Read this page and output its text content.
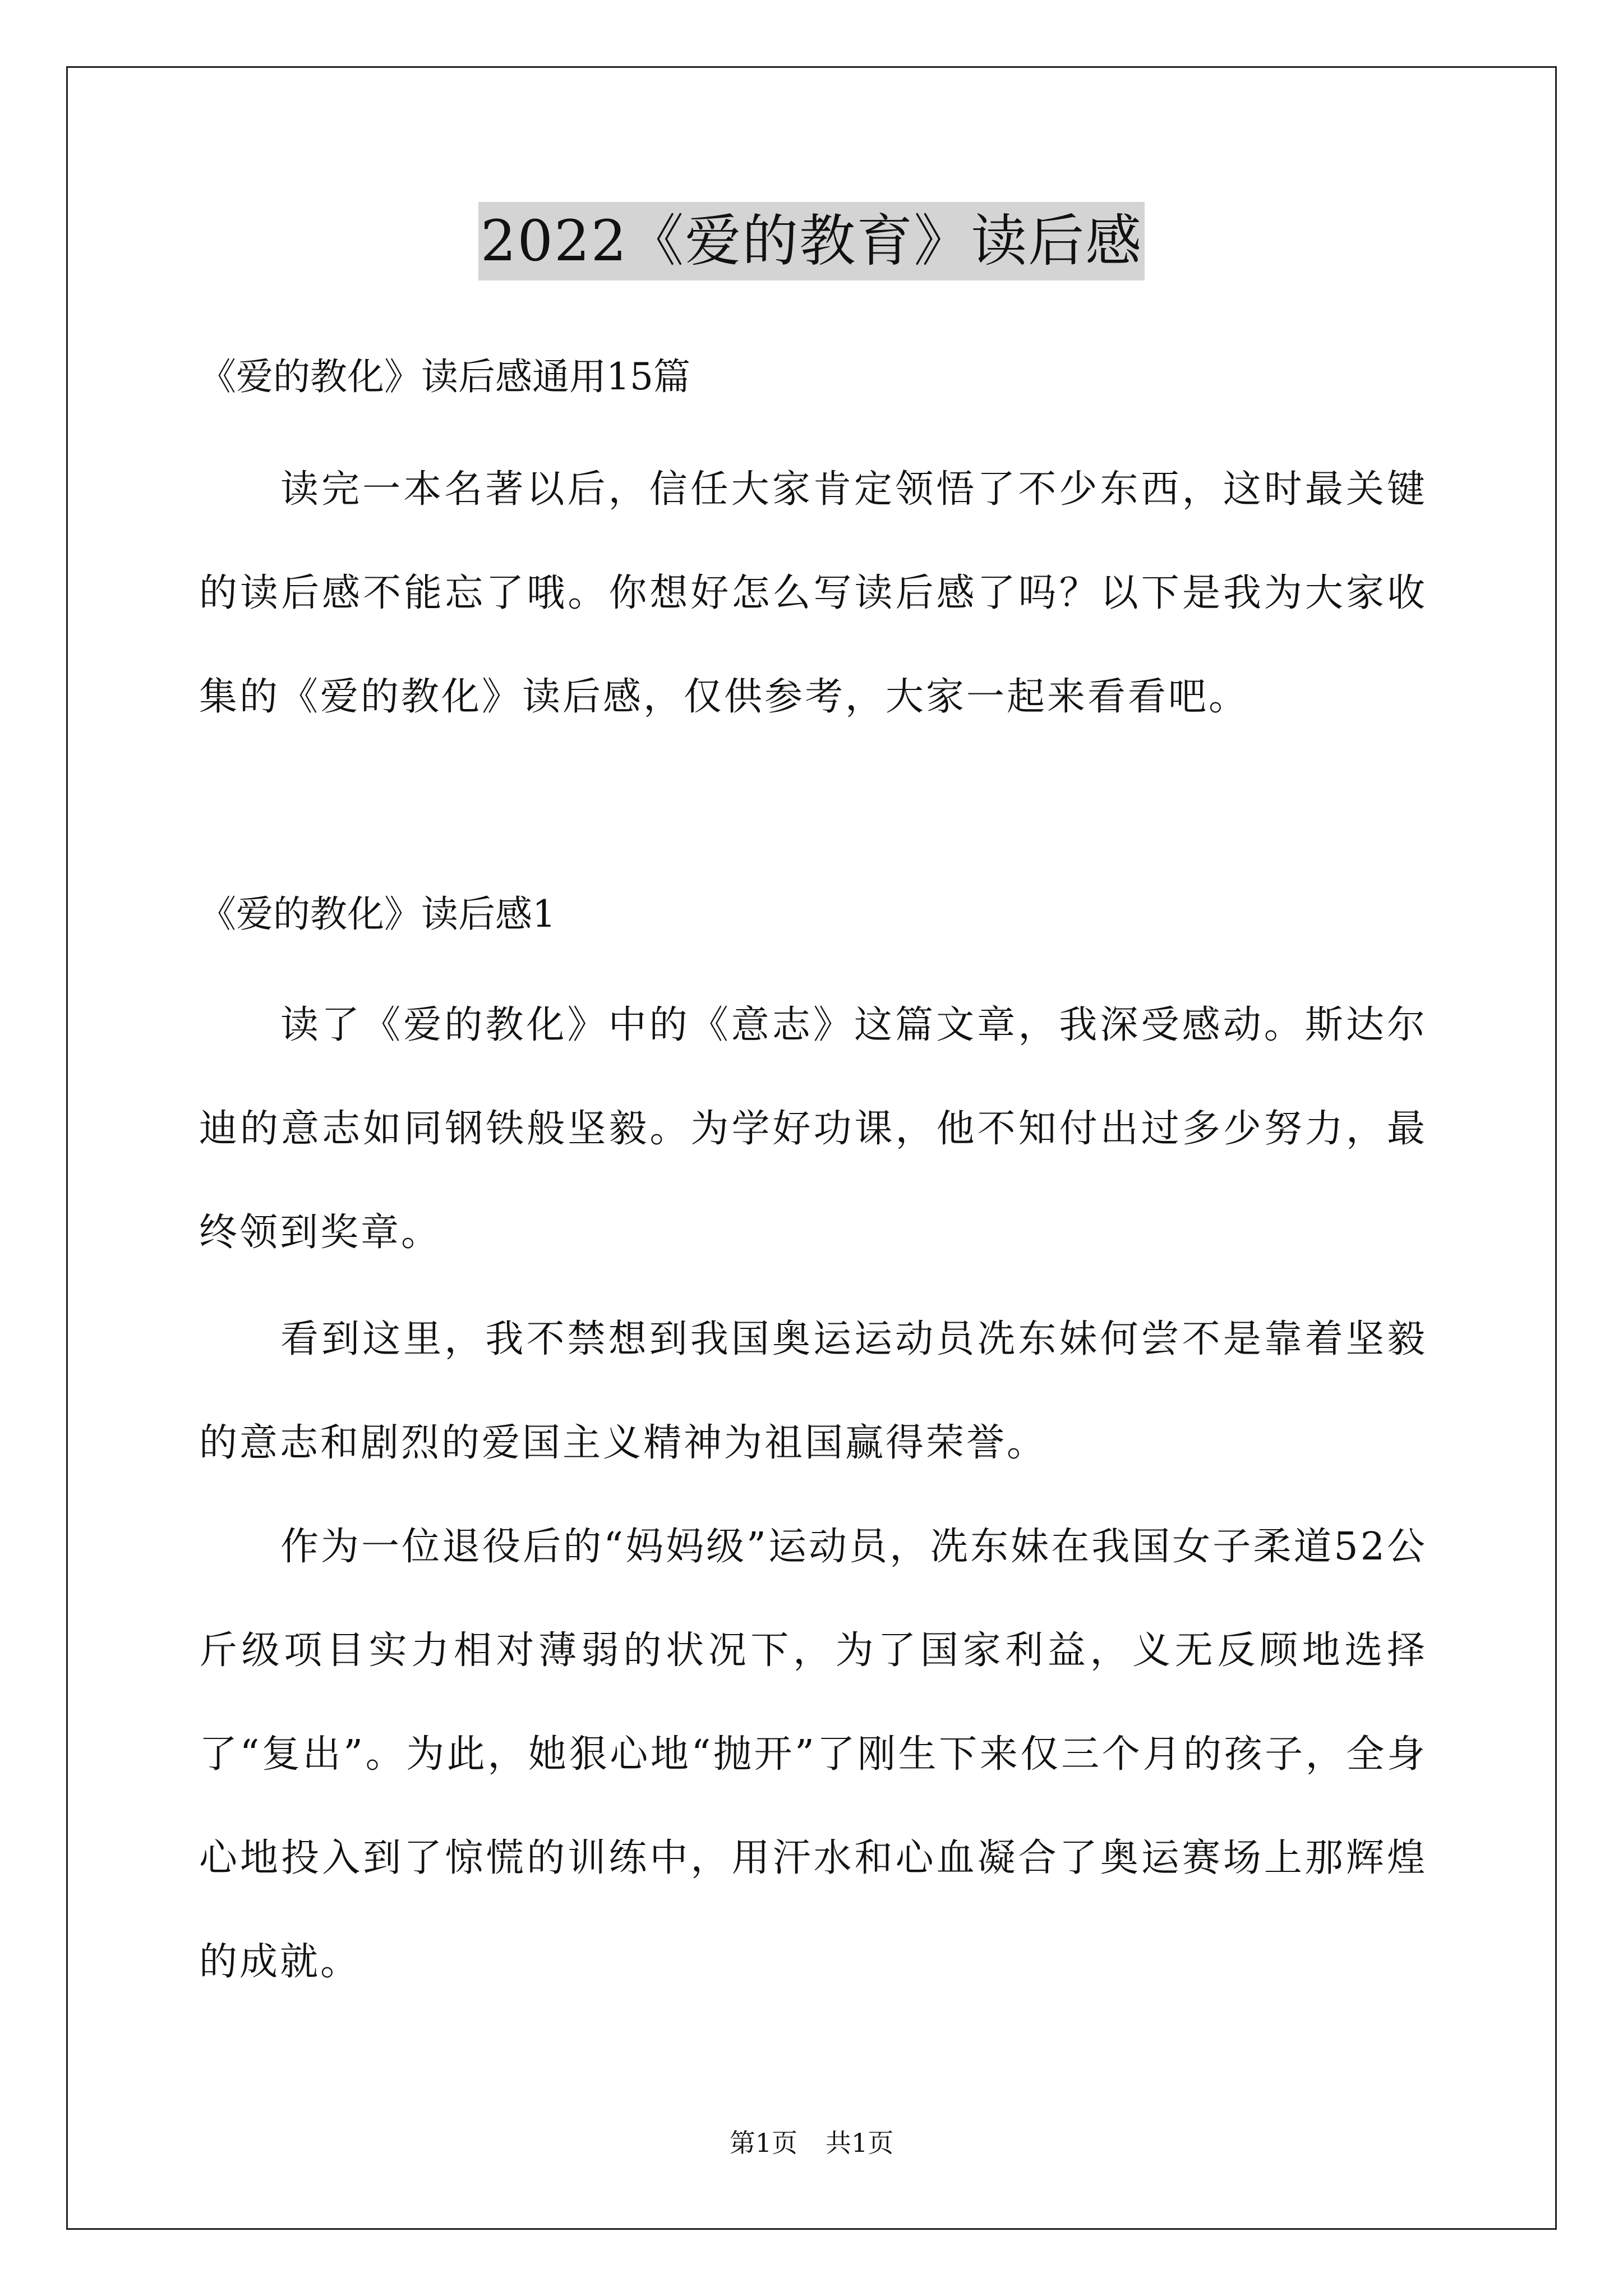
2022《爱的教育》读后感
《爱的教化》读后感通用15篇

读完一本名著以后，信任大家肯定领悟了不少东西，这时最关键的读后感不能忘了哦。你想好怎么写读后感了吗？以下是我为大家收集的《爱的教化》读后感，仅供参考，大家一起来看看吧。

《爱的教化》读后感1

读了《爱的教化》中的《意志》这篇文章，我深受感动。斯达尔迪的意志如同钢铁般坚毅。为学好功课，他不知付出过多少努力，最终领到奖章。

看到这里，我不禁想到我国奥运运动员冼东妹何尝不是靠着坚毅的意志和剧烈的爱国主义精神为祖国赢得荣誉。

作为一位退役后的“妈妈级”运动员，冼东妹在我国女子柔道52公斤级项目实力相对薄弱的状况下，为了国家利益，义无反顾地选择了“复出”。为此，她狠心地“抛开”了刚生下来仅三个月的孩子，全身心地投入到了惊慌的训练中，用汗水和心血凝合了奥运赛场上那辉煌的成就。

第1页 共1页
